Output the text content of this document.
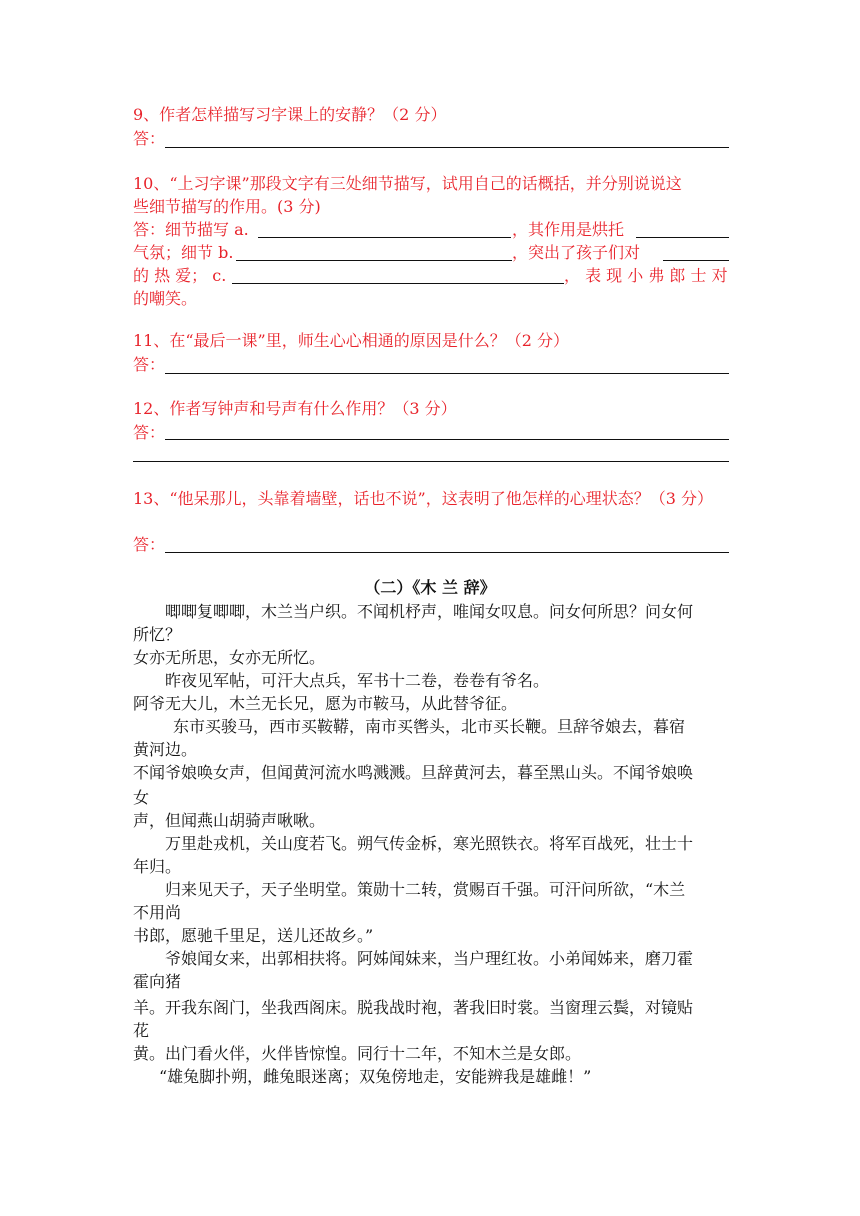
9、作者怎样描写习字课上的安静？（2 分）
答：
10、“上习字课”那段文字有三处细节描写，试用自己的话概括，并分别说说这
些细节描写的作用。(3 分)
答：细节描写 a.	，其作用是烘托
气氛；细节 b.	，突出了孩子们对
的 热 爱； c.	， 表 现 小 弗 郎 士 对
的嘲笑。
11、在“最后一课”里，师生心心相通的原因是什么？（2 分）
答：
12、作者写钟声和号声有什么作用？（3 分）
答：
13、“他呆那儿，头靠着墙壁，话也不说”，这表明了他怎样的心理状态？（3 分）
答：
（二）《木 兰 辞》
唧唧复唧唧，木兰当户织。不闻机杼声，唯闻女叹息。问女何所思？问女何
所忆？
女亦无所思，女亦无所忆。
昨夜见军帖，可汗大点兵，军书十二卷，卷卷有爷名。
阿爷无大儿，木兰无长兄，愿为市鞍马，从此替爷征。
东市买骏马，西市买鞍鞯，南市买辔头，北市买长鞭。旦辞爷娘去，暮宿
黄河边。
不闻爷娘唤女声，但闻黄河流水鸣溅溅。旦辞黄河去，暮至黑山头。不闻爷娘唤
女
声，但闻燕山胡骑声啾啾。
万里赴戎机，关山度若飞。朔气传金柝，寒光照铁衣。将军百战死，壮士十
年归。
归来见天子，天子坐明堂。策勋十二转，赏赐百千强。可汗问所欲，“木兰
不用尚
书郎，愿驰千里足，送儿还故乡。”
爷娘闻女来，出郭相扶将。阿姊闻妹来，当户理红妆。小弟闻姊来，磨刀霍
霍向猪
羊。开我东阁门，坐我西阁床。脱我战时袍，著我旧时裳。当窗理云鬓，对镜贴
花
黄。出门看火伴，火伴皆惊惶。同行十二年，不知木兰是女郎。
“雄兔脚扑朔，雌兔眼迷离；双兔傍地走，安能辨我是雄雌！”
